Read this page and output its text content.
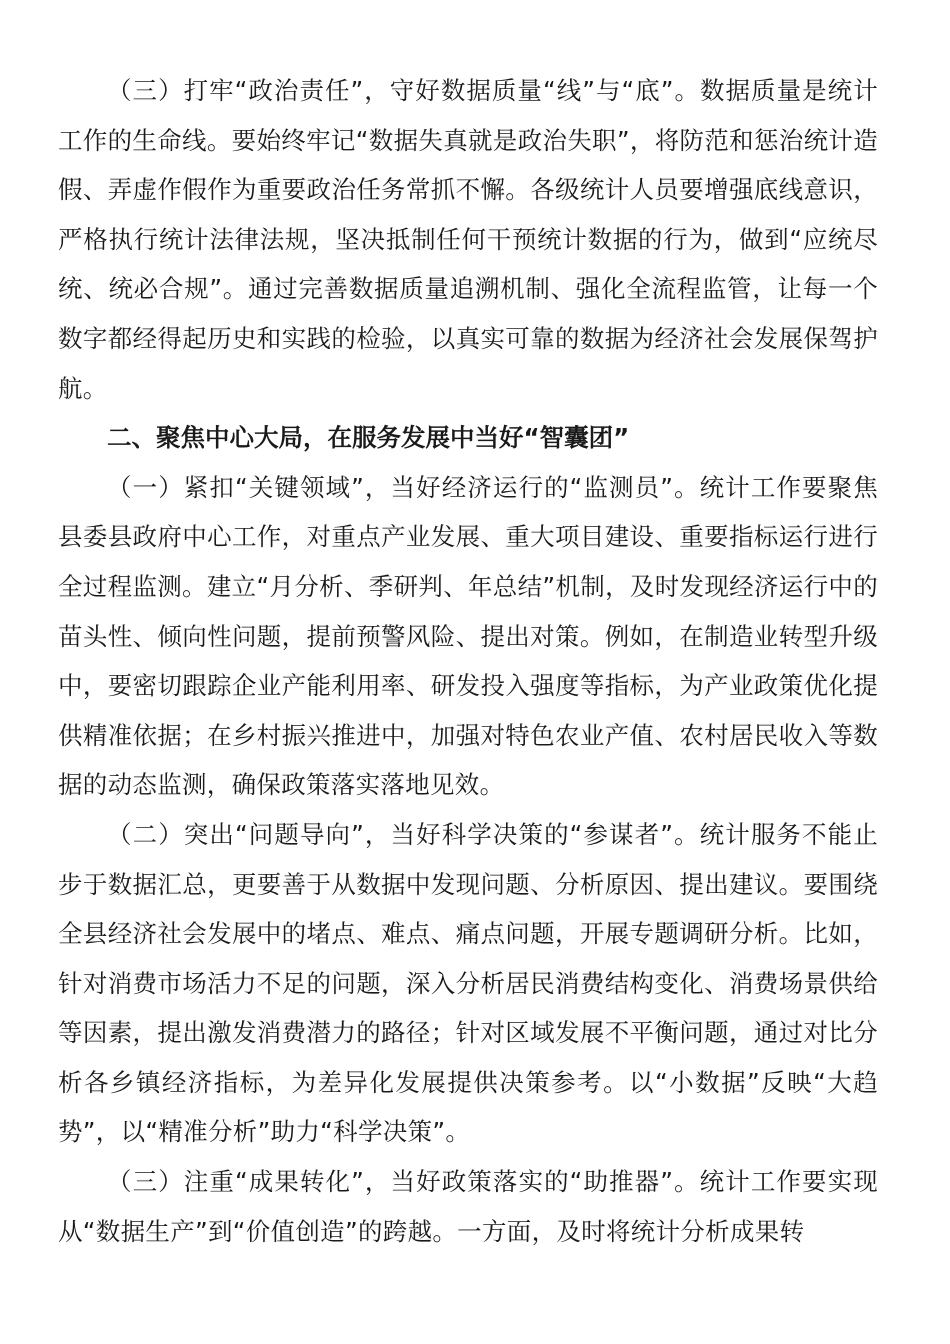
（三）打牢“政治责任”，守好数据质量“线”与“底”。数据质量是统计工作的生命线。要始终牢记“数据失真就是政治失职”，将防范和惩治统计造假、弄虚作假作为重要政治任务常抓不懈。各级统计人员要增强底线意识，严格执行统计法律法规，坚决抵制任何干预统计数据的行为，做到“应统尽统、统必合规”。通过完善数据质量追溯机制、强化全流程监管，让每一个数字都经得起历史和实践的检验，以真实可靠的数据为经济社会发展保驾护航。

二、聚焦中心大局，在服务发展中当好“智囊团”

（一）紧扣“关键领域”，当好经济运行的“监测员”。统计工作要聚焦县委县政府中心工作，对重点产业发展、重大项目建设、重要指标运行进行全过程监测。建立“月分析、季研判、年总结”机制，及时发现经济运行中的苗头性、倾向性问题，提前预警风险、提出对策。例如，在制造业转型升级中，要密切跟踪企业产能利用率、研发投入强度等指标，为产业政策优化提供精准依据；在乡村振兴推进中，加强对特色农业产值、农村居民收入等数据的动态监测，确保政策落实落地见效。

（二）突出“问题导向”，当好科学决策的“参谋者”。统计服务不能止步于数据汇总，更要善于从数据中发现问题、分析原因、提出建议。要围绕全县经济社会发展中的堵点、难点、痛点问题，开展专题调研分析。比如，针对消费市场活力不足的问题，深入分析居民消费结构变化、消费场景供给等因素，提出激发消费潜力的路径；针对区域发展不平衡问题，通过对比分析各乡镇经济指标，为差异化发展提供决策参考。以“小数据”反映“大趋势”，以“精准分析”助力“科学决策”。

（三）注重“成果转化”，当好政策落实的“助推器”。统计工作要实现从“数据生产”到“价值创造”的跨越。一方面，及时将统计分析成果转
